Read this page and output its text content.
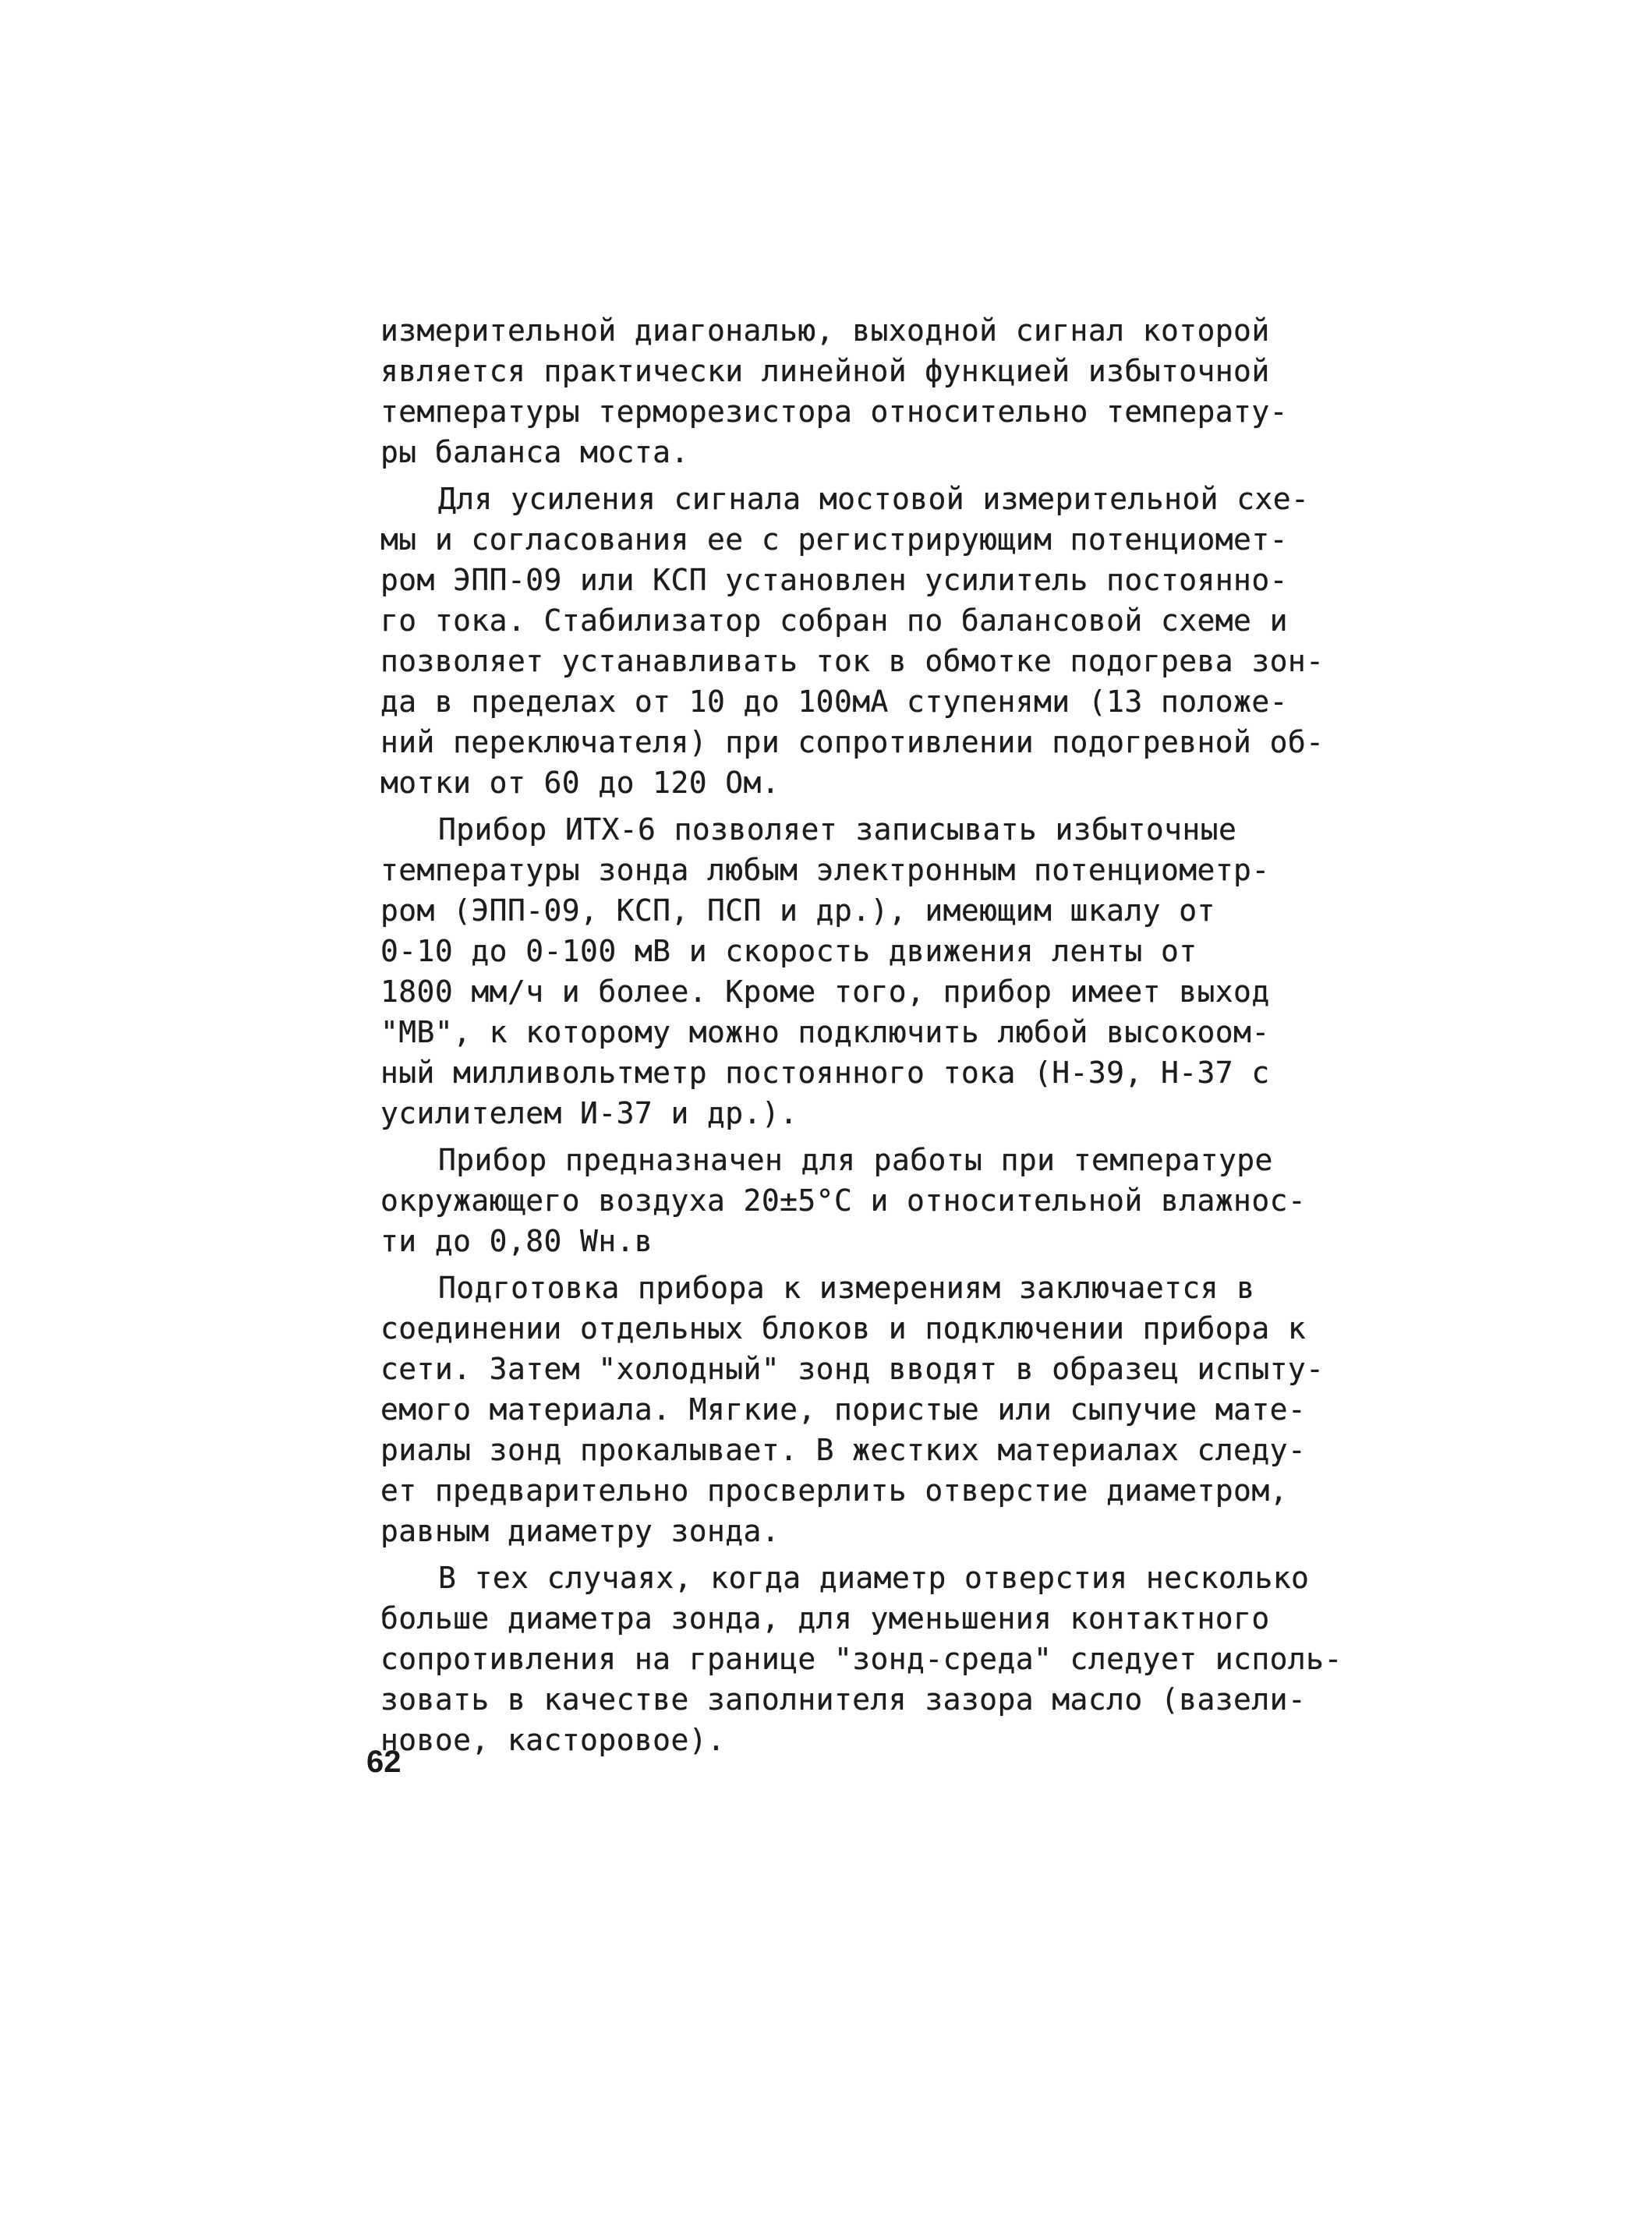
измерительной диагональю, выходной сигнал которой
является практически линейной функцией избыточной
температуры терморезистора относительно температу-
ры баланса моста.

Для усиления сигнала мостовой измерительной схе-
мы и согласования ее с регистрирующим потенциомет-
ром ЭПП-09 или КСП установлен усилитель постоянно-
го тока. Стабилизатор собран по балансовой схеме и
позволяет устанавливать ток в обмотке подогрева зон-
да в пределах от 10 до 100мА ступенями (13 положе-
ний переключателя) при сопротивлении подогревной об-
мотки от 60 до 120 Ом.

Прибор ИТХ-6 позволяет записывать избыточные
температуры зонда любым электронным потенциометр-
ром (ЭПП-09, КСП, ПСП и др.), имеющим шкалу от
0-10 до 0-100 мВ и скорость движения ленты от
1800 мм/ч и более. Кроме того, прибор имеет выход
"МВ", к которому можно подключить любой высокоом-
ный милливольтметр постоянного тока (Н-39, Н-37 с
усилителем И-37 и др.).

Прибор предназначен для работы при температуре
окружающего воздуха 20±5°С и относительной влажнос-
ти до 0,80 Wн.в

Подготовка прибора к измерениям заключается в
соединении отдельных блоков и подключении прибора к
сети. Затем "холодный" зонд вводят в образец испыту-
емого материала. Мягкие, пористые или сыпучие мате-
риалы зонд прокалывает. В жестких материалах следу-
ет предварительно просверлить отверстие диаметром,
равным диаметру зонда.

В тех случаях, когда диаметр отверстия несколько
больше диаметра зонда, для уменьшения контактного
сопротивления на границе "зонд-среда" следует исполь-
зовать в качестве заполнителя зазора масло (вазели-
новое, касторовое).

62
